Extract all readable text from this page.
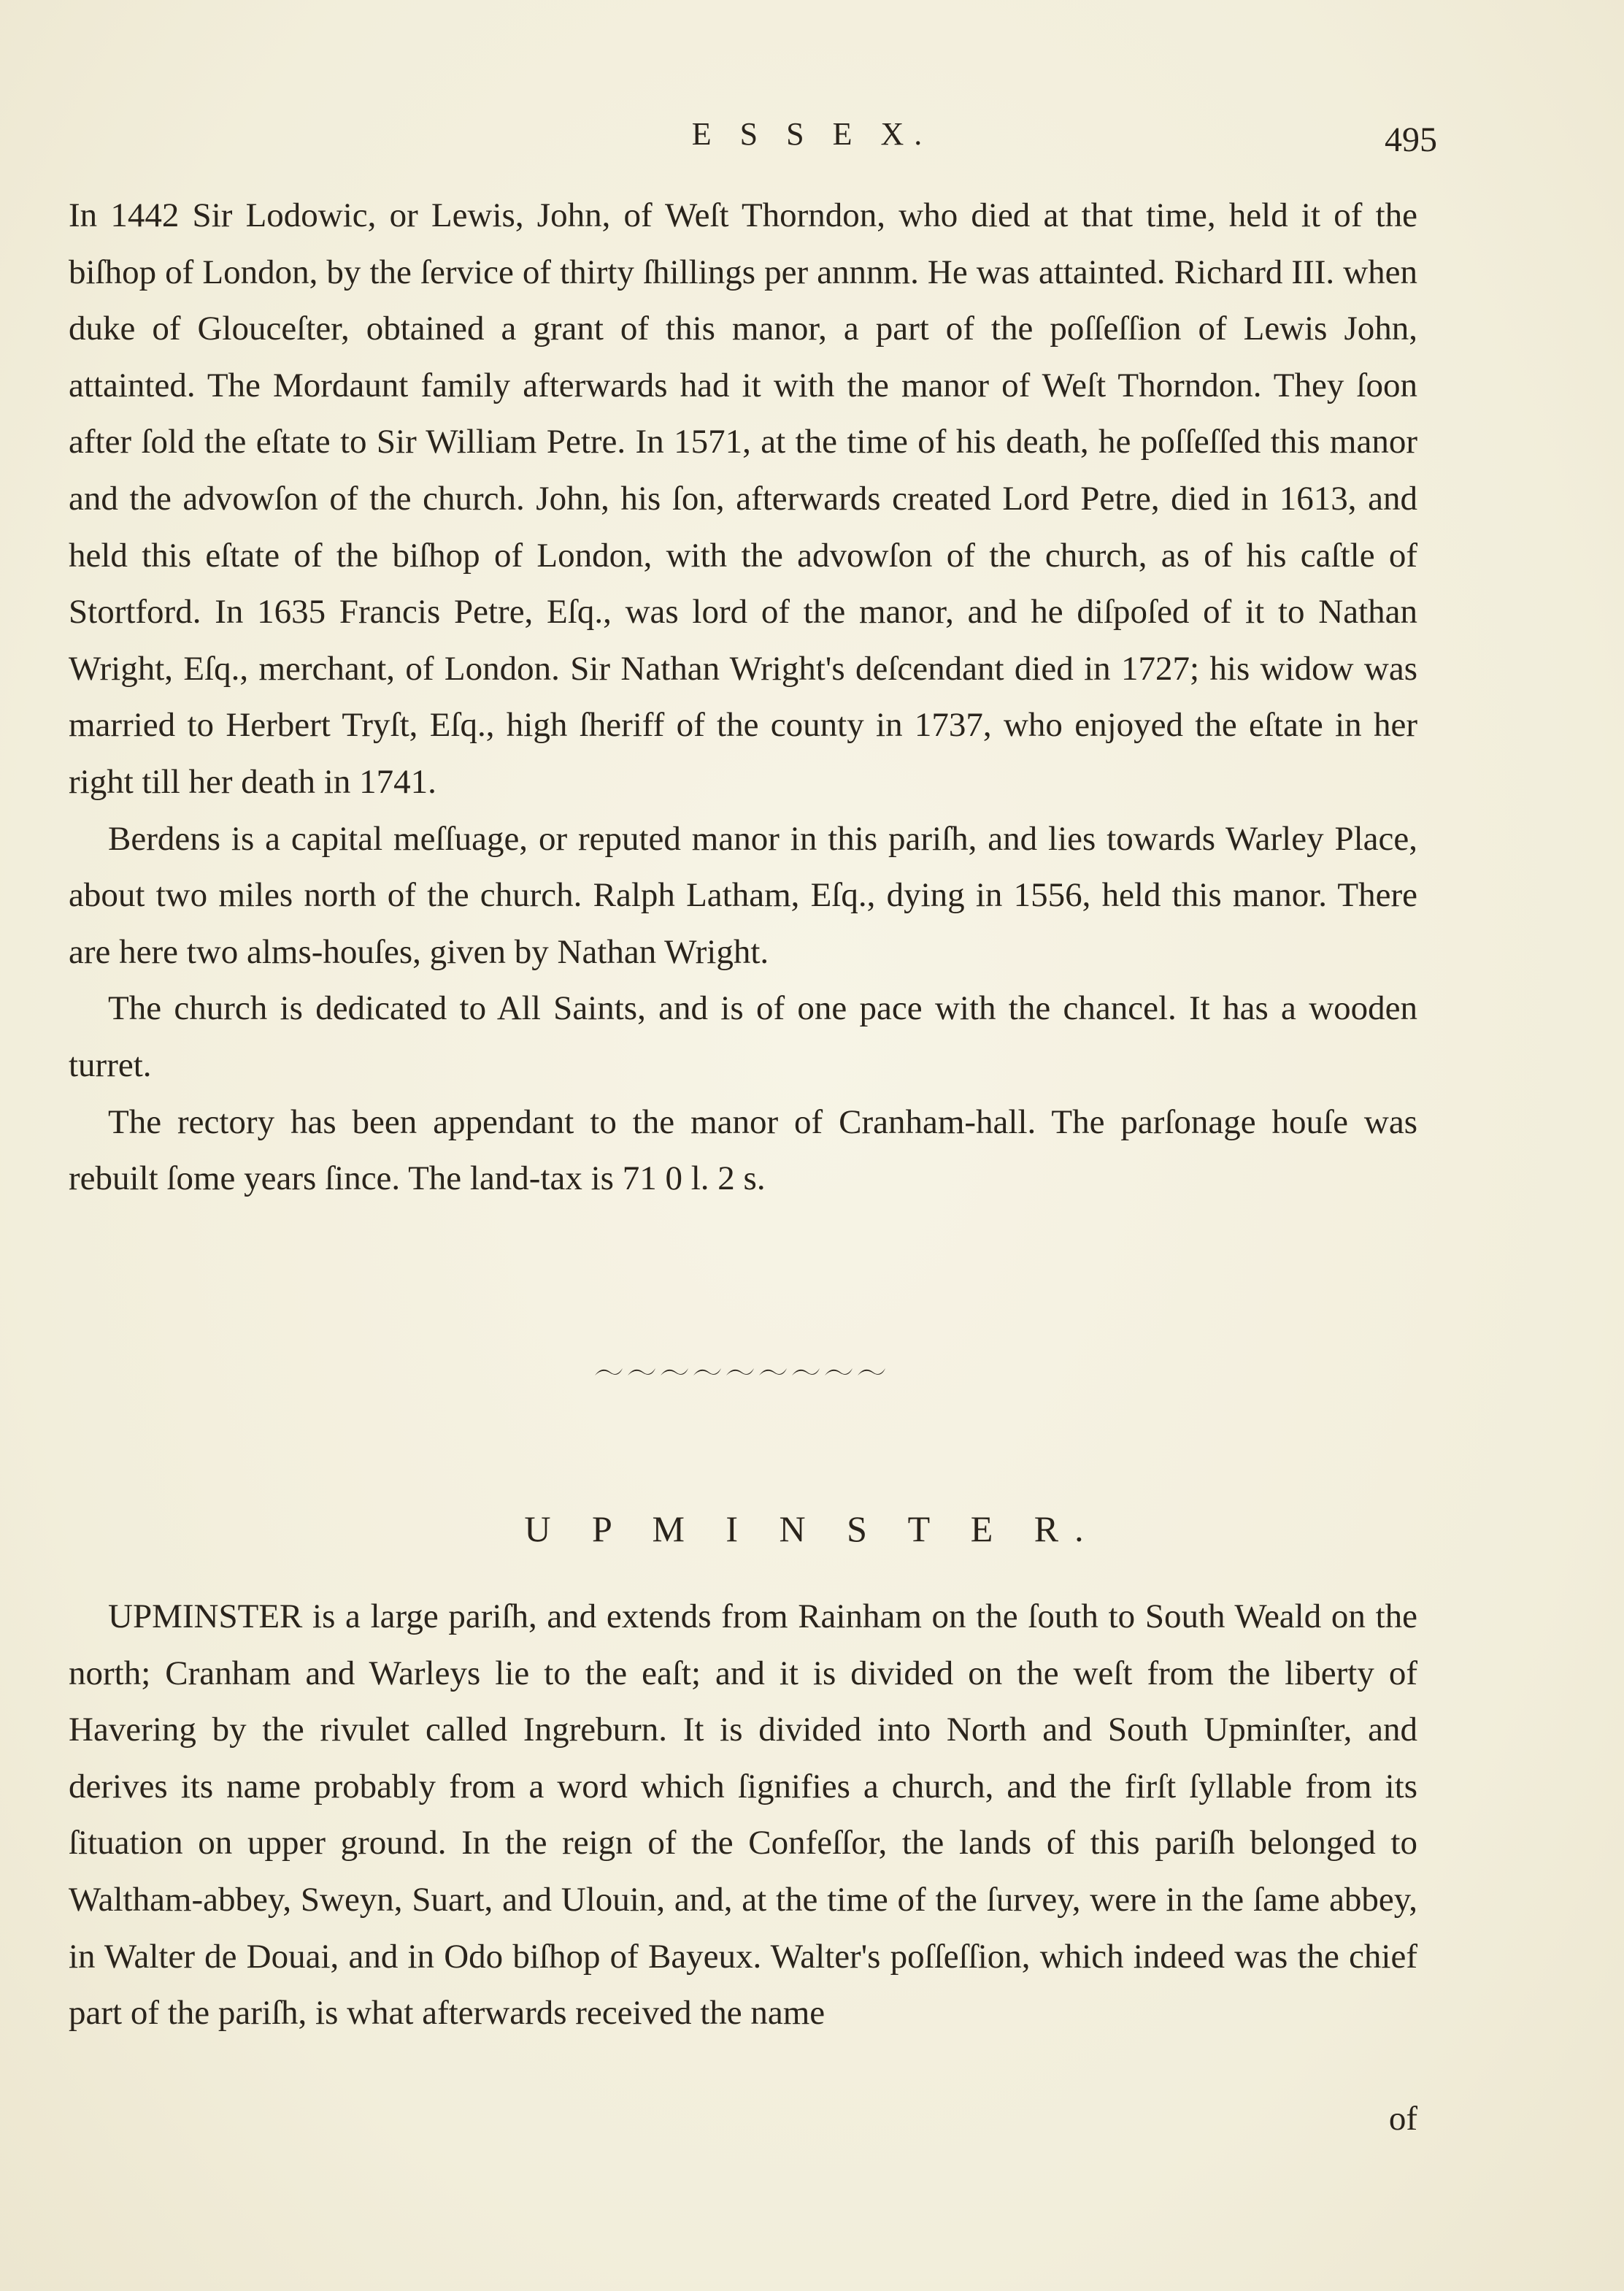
E S S E X.	495

In 1442 Sir Lodowic, or Lewis, John, of Weſt Thorndon, who died at that time, held it of the biſhop of London, by the ſervice of thirty ſhillings per annnm. He was attainted. Richard III. when duke of Glouceſter, obtained a grant of this manor, a part of the poſſeſſion of Lewis John, attainted. The Mordaunt family afterwards had it with the manor of Weſt Thorndon. They ſoon after ſold the eſtate to Sir William Petre. In 1571, at the time of his death, he poſſeſſed this manor and the advowſon of the church. John, his ſon, afterwards created Lord Petre, died in 1613, and held this eſtate of the biſhop of London, with the advowſon of the church, as of his caſtle of Stortford. In 1635 Francis Petre, Eſq., was lord of the manor, and he diſpoſed of it to Nathan Wright, Eſq., merchant, of London. Sir Nathan Wright's deſcendant died in 1727; his widow was married to Herbert Tryſt, Eſq., high ſheriff of the county in 1737, who enjoyed the eſtate in her right till her death in 1741.

Berdens is a capital meſſuage, or reputed manor in this pariſh, and lies towards Warley Place, about two miles north of the church. Ralph Latham, Eſq., dying in 1556, held this manor. There are here two alms-houſes, given by Nathan Wright.

The church is dedicated to All Saints, and is of one pace with the chancel. It has a wooden turret.

The rectory has been appendant to the manor of Cranham-hall. The parſonage houſe was rebuilt ſome years ſince. The land-tax is 71 0 l. 2 s.

U P M I N S T E R.

UPMINSTER is a large pariſh, and extends from Rainham on the ſouth to South Weald on the north; Cranham and Warleys lie to the eaſt; and it is divided on the weſt from the liberty of Havering by the rivulet called Ingreburn. It is divided into North and South Upminſter, and derives its name probably from a word which ſignifies a church, and the firſt ſyllable from its ſituation on upper ground. In the reign of the Confeſſor, the lands of this pariſh belonged to Waltham-abbey, Sweyn, Suart, and Ulouin, and, at the time of the ſurvey, were in the ſame abbey, in Walter de Douai, and in Odo biſhop of Bayeux. Walter's poſſeſſion, which indeed was the chief part of the pariſh, is what afterwards received the name

of
